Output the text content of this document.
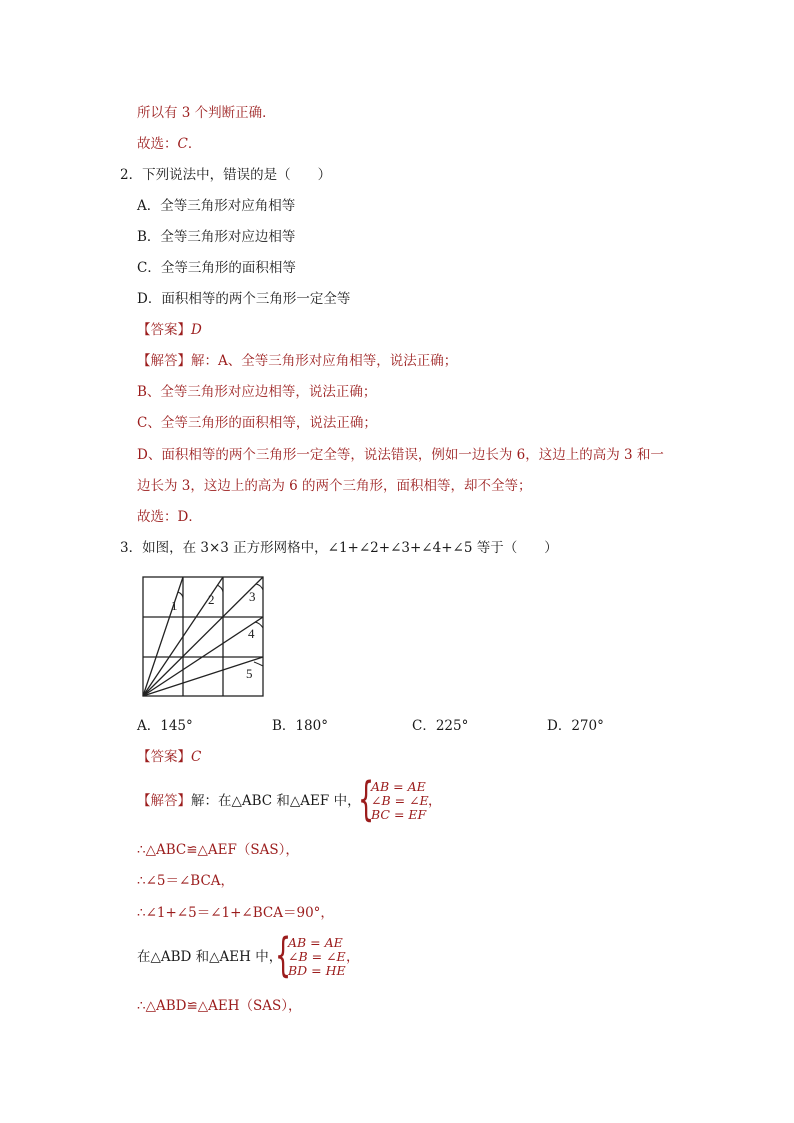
所以有 3 个判断正确．
故选：C．
2．下列说法中，错误的是（　　）
A．全等三角形对应角相等
B．全等三角形对应边相等
C．全等三角形的面积相等
D．面积相等的两个三角形一定全等
【答案】D
【解答】解：A、全等三角形对应角相等，说法正确；
B、全等三角形对应边相等，说法正确；
C、全等三角形的面积相等，说法正确；
D、面积相等的两个三角形一定全等，说法错误，例如一边长为 6，这边上的高为 3 和一
边长为 3，这边上的高为 6 的两个三角形，面积相等，却不全等；
故选：D．
3．如图，在 3×3 正方形网格中，∠1+∠2+∠3+∠4+∠5 等于（　　）
1 2	3
4
5
A．145°	B．180°	C．225°	D．270°
【答案】C
【解答】解：在△ABC 和△AEF 中，
{
AB = AE
∠B = ∠E
BC = EF
，
∴△ABC≌△AEF（SAS），
∴∠5＝∠BCA，
∴∠1+∠5＝∠1+∠BCA＝90°，
在△ABD 和△AEH 中，
{
AB = AE
∠B = ∠E
BD = HE
，
∴△ABD≌△AEH（SAS），
